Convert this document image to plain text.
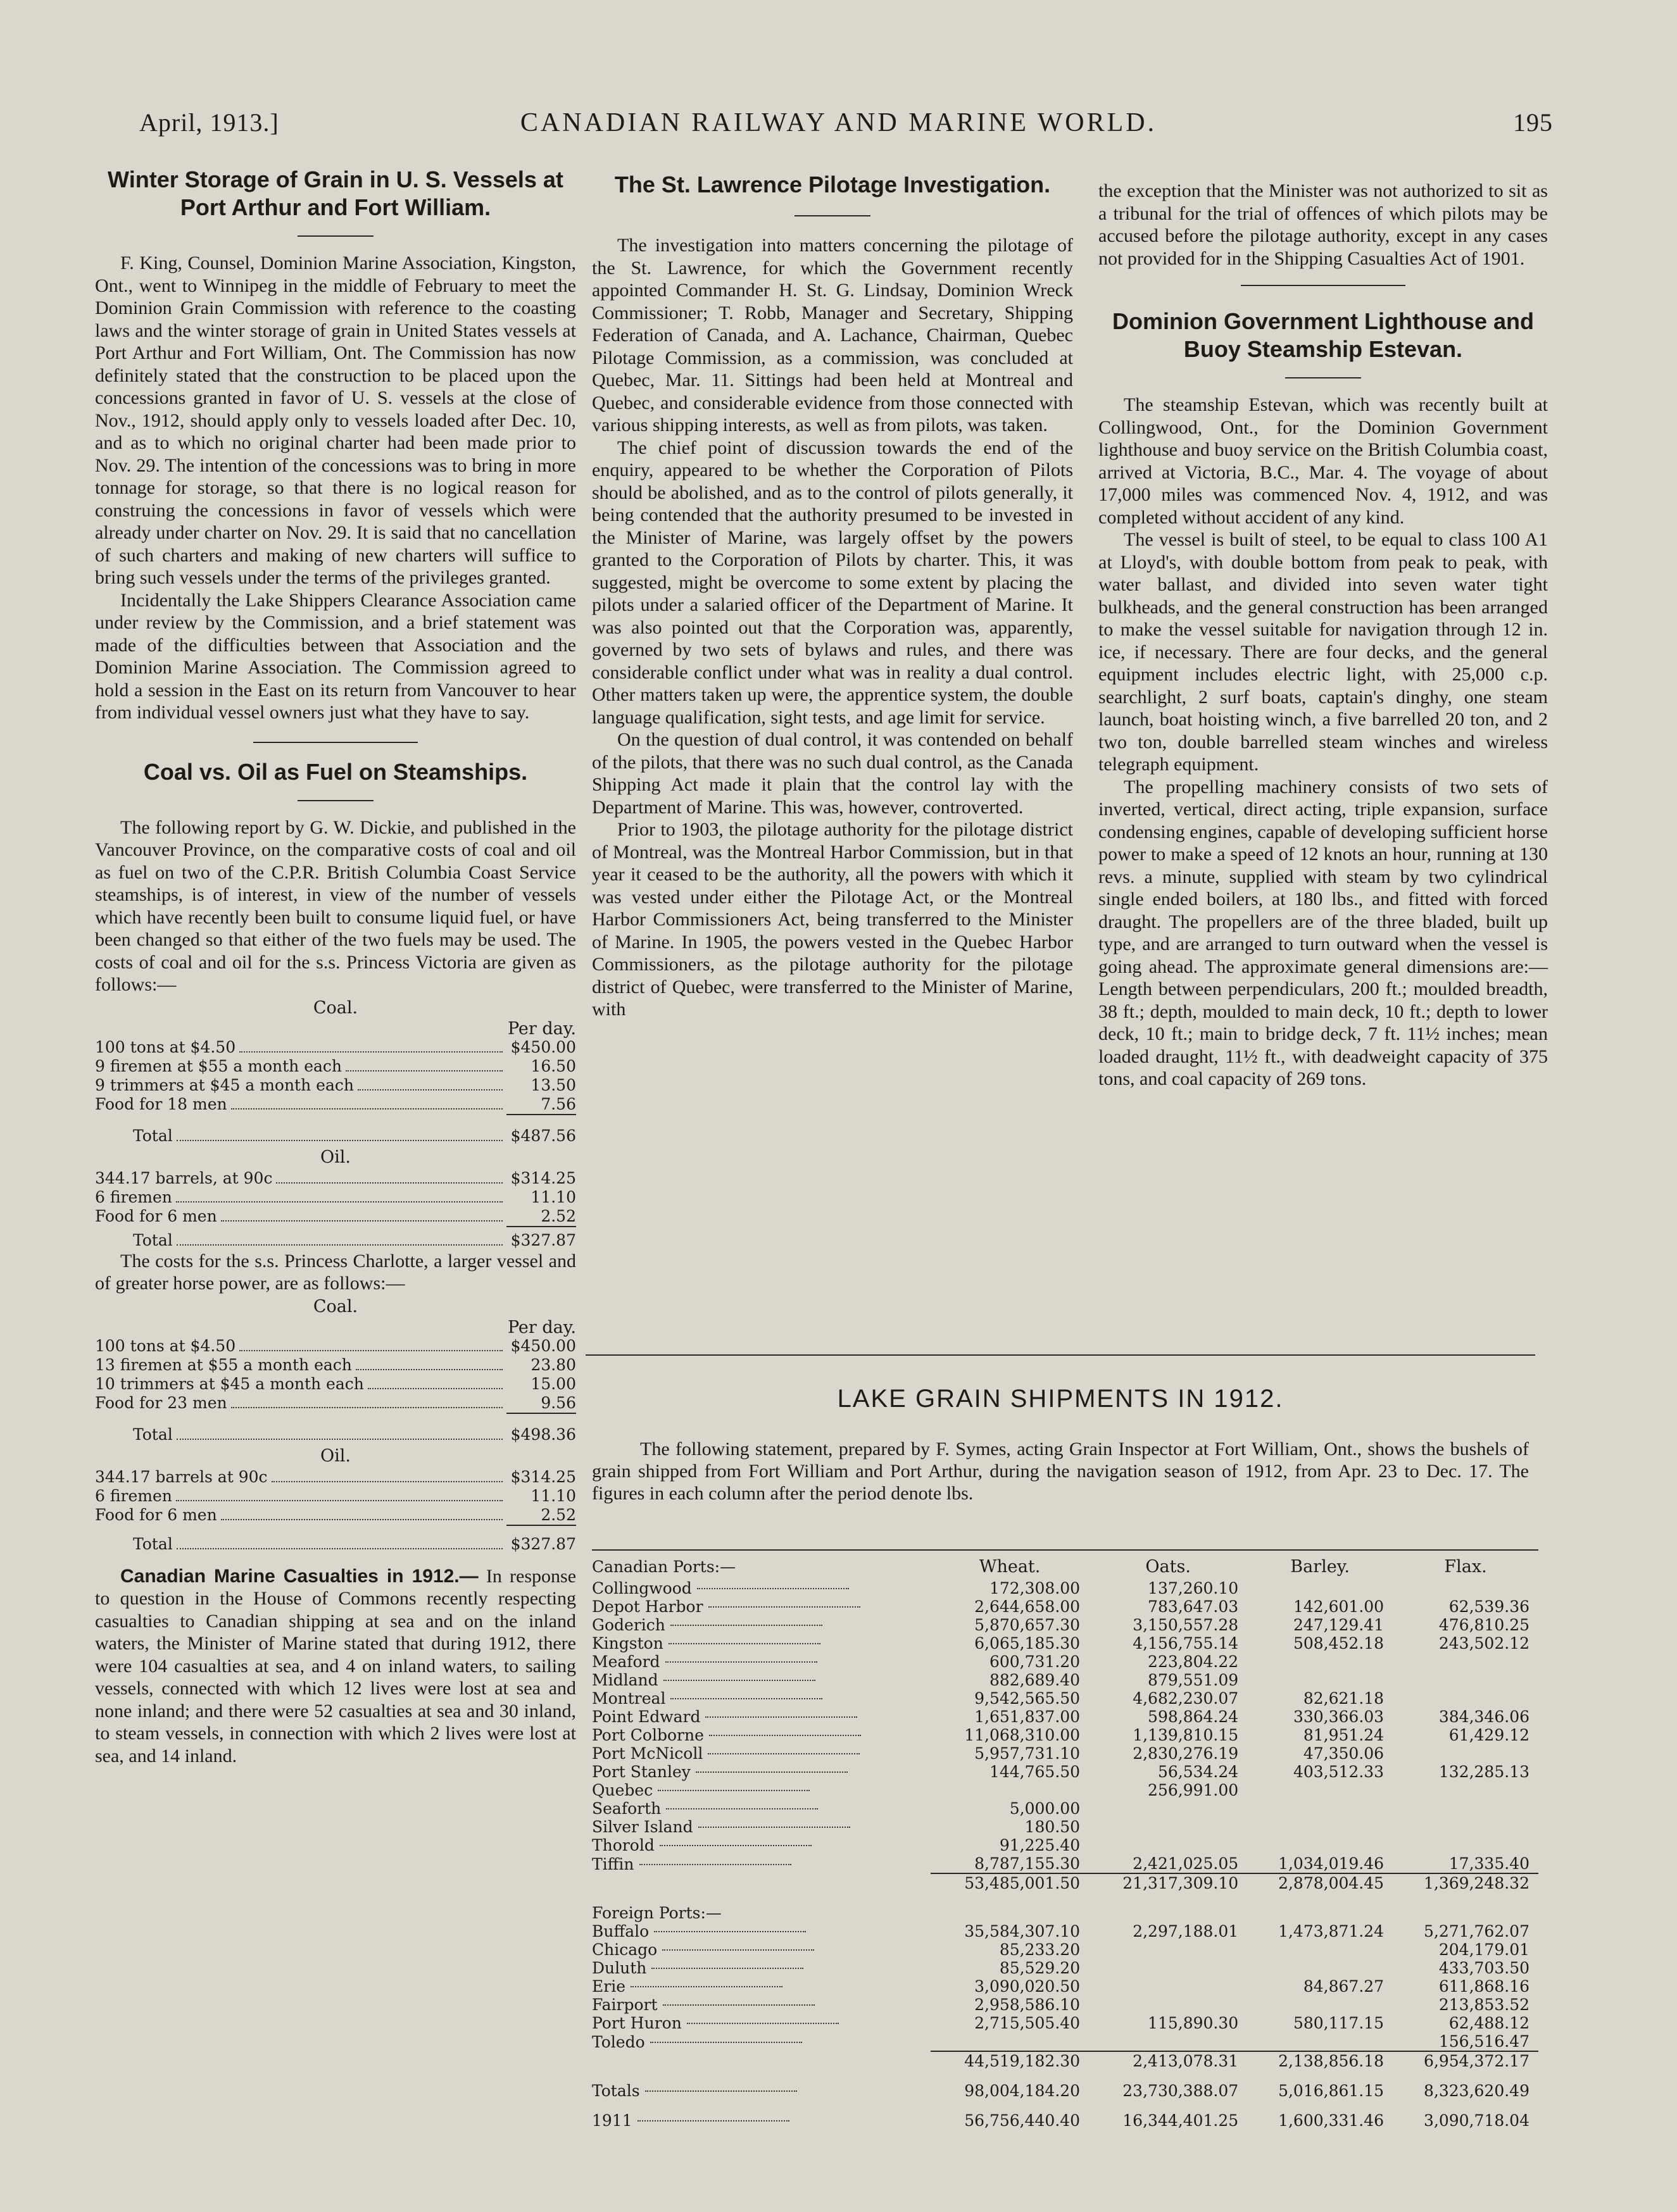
April, 1913.]	CANADIAN RAILWAY AND MARINE WORLD.	195
Winter Storage of Grain in U. S. Vessels at Port Arthur and Fort William.

F. King, Counsel, Dominion Marine Association, Kingston, Ont., went to Winnipeg in the middle of February to meet the Dominion Grain Commission with reference to the coasting laws and the winter storage of grain in United States vessels at Port Arthur and Fort William, Ont. The Commission has now definitely stated that the construction to be placed upon the concessions granted in favor of U. S. vessels at the close of Nov., 1912, should apply only to vessels loaded after Dec. 10, and as to which no original charter had been made prior to Nov. 29. The intention of the concessions was to bring in more tonnage for storage, so that there is no logical reason for construing the concessions in favor of vessels which were already under charter on Nov. 29. It is said that no cancellation of such charters and making of new charters will suffice to bring such vessels under the terms of the privileges granted.

Incidentally the Lake Shippers Clearance Association came under review by the Commission, and a brief statement was made of the difficulties between that Association and the Dominion Marine Association. The Commission agreed to hold a session in the East on its return from Vancouver to hear from individual vessel owners just what they have to say.

Coal vs. Oil as Fuel on Steamships.

The following report by G. W. Dickie, and published in the Vancouver Province, on the comparative costs of coal and oil as fuel on two of the C.P.R. British Columbia Coast Service steamships, is of interest, in view of the number of vessels which have recently been built to consume liquid fuel, or have been changed so that either of the two fuels may be used. The costs of coal and oil for the s.s. Princess Victoria are given as follows:—

Coal.
Per day.
100 tons at $4.50	$450.00
9 firemen at $55 a month each	16.50
9 trimmers at $45 a month each	13.50
Food for 18 men	7.56
Total	$487.56
Oil.
344.17 barrels, at 90c	$314.25
6 firemen	11.10
Food for 6 men	2.52
Total	$327.87

The costs for the s.s. Princess Charlotte, a larger vessel and of greater horse power, are as follows:—

Coal.
Per day.
100 tons at $4.50	$450.00
13 firemen at $55 a month each	23.80
10 trimmers at $45 a month each	15.00
Food for 23 men	9.56
Total	$498.36
Oil.
344.17 barrels at 90c	$314.25
6 firemen	11.10
Food for 6 men	2.52
Total	$327.87

Canadian Marine Casualties in 1912.— In response to question in the House of Commons recently respecting casualties to Canadian shipping at sea and on the inland waters, the Minister of Marine stated that during 1912, there were 104 casualties at sea, and 4 on inland waters, to sailing vessels, connected with which 12 lives were lost at sea and none inland; and there were 52 casualties at sea and 30 inland, to steam vessels, in connection with which 2 lives were lost at sea, and 14 inland.

The St. Lawrence Pilotage Investigation.

The investigation into matters concerning the pilotage of the St. Lawrence, for which the Government recently appointed Commander H. St. G. Lindsay, Dominion Wreck Commissioner; T. Robb, Manager and Secretary, Shipping Federation of Canada, and A. Lachance, Chairman, Quebec Pilotage Commission, as a commission, was concluded at Quebec, Mar. 11. Sittings had been held at Montreal and Quebec, and considerable evidence from those connected with various shipping interests, as well as from pilots, was taken.

The chief point of discussion towards the end of the enquiry, appeared to be whether the Corporation of Pilots should be abolished, and as to the control of pilots generally, it being contended that the authority presumed to be invested in the Minister of Marine, was largely offset by the powers granted to the Corporation of Pilots by charter. This, it was suggested, might be overcome to some extent by placing the pilots under a salaried officer of the Department of Marine. It was also pointed out that the Corporation was, apparently, governed by two sets of bylaws and rules, and there was considerable conflict under what was in reality a dual control. Other matters taken up were, the apprentice system, the double language qualification, sight tests, and age limit for service.

On the question of dual control, it was contended on behalf of the pilots, that there was no such dual control, as the Canada Shipping Act made it plain that the control lay with the Department of Marine. This was, however, controverted.

Prior to 1903, the pilotage authority for the pilotage district of Montreal, was the Montreal Harbor Commission, but in that year it ceased to be the authority, all the powers with which it was vested under either the Pilotage Act, or the Montreal Harbor Commissioners Act, being transferred to the Minister of Marine. In 1905, the powers vested in the Quebec Harbor Commissioners, as the pilotage authority for the pilotage district of Quebec, were transferred to the Minister of Marine, with

the exception that the Minister was not authorized to sit as a tribunal for the trial of offences of which pilots may be accused before the pilotage authority, except in any cases not provided for in the Shipping Casualties Act of 1901.

Dominion Government Lighthouse and Buoy Steamship Estevan.

The steamship Estevan, which was recently built at Collingwood, Ont., for the Dominion Government lighthouse and buoy service on the British Columbia coast, arrived at Victoria, B.C., Mar. 4. The voyage of about 17,000 miles was commenced Nov. 4, 1912, and was completed without accident of any kind.

The vessel is built of steel, to be equal to class 100 A1 at Lloyd's, with double bottom from peak to peak, with water ballast, and divided into seven water tight bulkheads, and the general construction has been arranged to make the vessel suitable for navigation through 12 in. ice, if necessary. There are four decks, and the general equipment includes electric light, with 25,000 c.p. searchlight, 2 surf boats, captain's dinghy, one steam launch, boat hoisting winch, a five barrelled 20 ton, and 2 two ton, double barrelled steam winches and wireless telegraph equipment.

The propelling machinery consists of two sets of inverted, vertical, direct acting, triple expansion, surface condensing engines, capable of developing sufficient horse power to make a speed of 12 knots an hour, running at 130 revs. a minute, supplied with steam by two cylindrical single ended boilers, at 180 lbs., and fitted with forced draught. The propellers are of the three bladed, built up type, and are arranged to turn outward when the vessel is going ahead. The approximate general dimensions are:—Length between perpendiculars, 200 ft.; moulded breadth, 38 ft.; depth, moulded to main deck, 10 ft.; depth to lower deck, 10 ft.; main to bridge deck, 7 ft. 11½ inches; mean loaded draught, 11½ ft., with deadweight capacity of 375 tons, and coal capacity of 269 tons.

LAKE GRAIN SHIPMENTS IN 1912.

The following statement, prepared by F. Symes, acting Grain Inspector at Fort William, Ont., shows the bushels of grain shipped from Fort William and Port Arthur, during the navigation season of 1912, from Apr. 23 to Dec. 17. The figures in each column after the period denote lbs.

Canadian Ports:—	Wheat.	Oats.	Barley.	Flax.
Collingwood	172,308.00	137,260.10		
Depot Harbor	2,644,658.00	783,647.03	142,601.00	62,539.36
Goderich	5,870,657.30	3,150,557.28	247,129.41	476,810.25
Kingston	6,065,185.30	4,156,755.14	508,452.18	243,502.12
Meaford	600,731.20	223,804.22		
Midland	882,689.40	879,551.09		
Montreal	9,542,565.50	4,682,230.07	82,621.18	
Point Edward	1,651,837.00	598,864.24	330,366.03	384,346.06
Port Colborne	11,068,310.00	1,139,810.15	81,951.24	61,429.12
Port McNicoll	5,957,731.10	2,830,276.19	47,350.06	
Port Stanley	144,765.50	56,534.24	403,512.33	132,285.13
Quebec		256,991.00		
Seaforth	5,000.00			
Silver Island	180.50			
Thorold	91,225.40			
Tiffin	8,787,155.30	2,421,025.05	1,034,019.46	17,335.40
	53,485,001.50	21,317,309.10	2,878,004.45	1,369,248.32

Foreign Ports:—				
Buffalo	35,584,307.10	2,297,188.01	1,473,871.24	5,271,762.07
Chicago	85,233.20			204,179.01
Duluth	85,529.20			433,703.50
Erie	3,090,020.50		84,867.27	611,868.16
Fairport	2,958,586.10			213,853.52
Port Huron	2,715,505.40	115,890.30	580,117.15	62,488.12
Toledo				156,516.47
	44,519,182.30	2,413,078.31	2,138,856.18	6,954,372.17

Totals	98,004,184.20	23,730,388.07	5,016,861.15	8,323,620.49

1911	56,756,440.40	16,344,401.25	1,600,331.46	3,090,718.04
